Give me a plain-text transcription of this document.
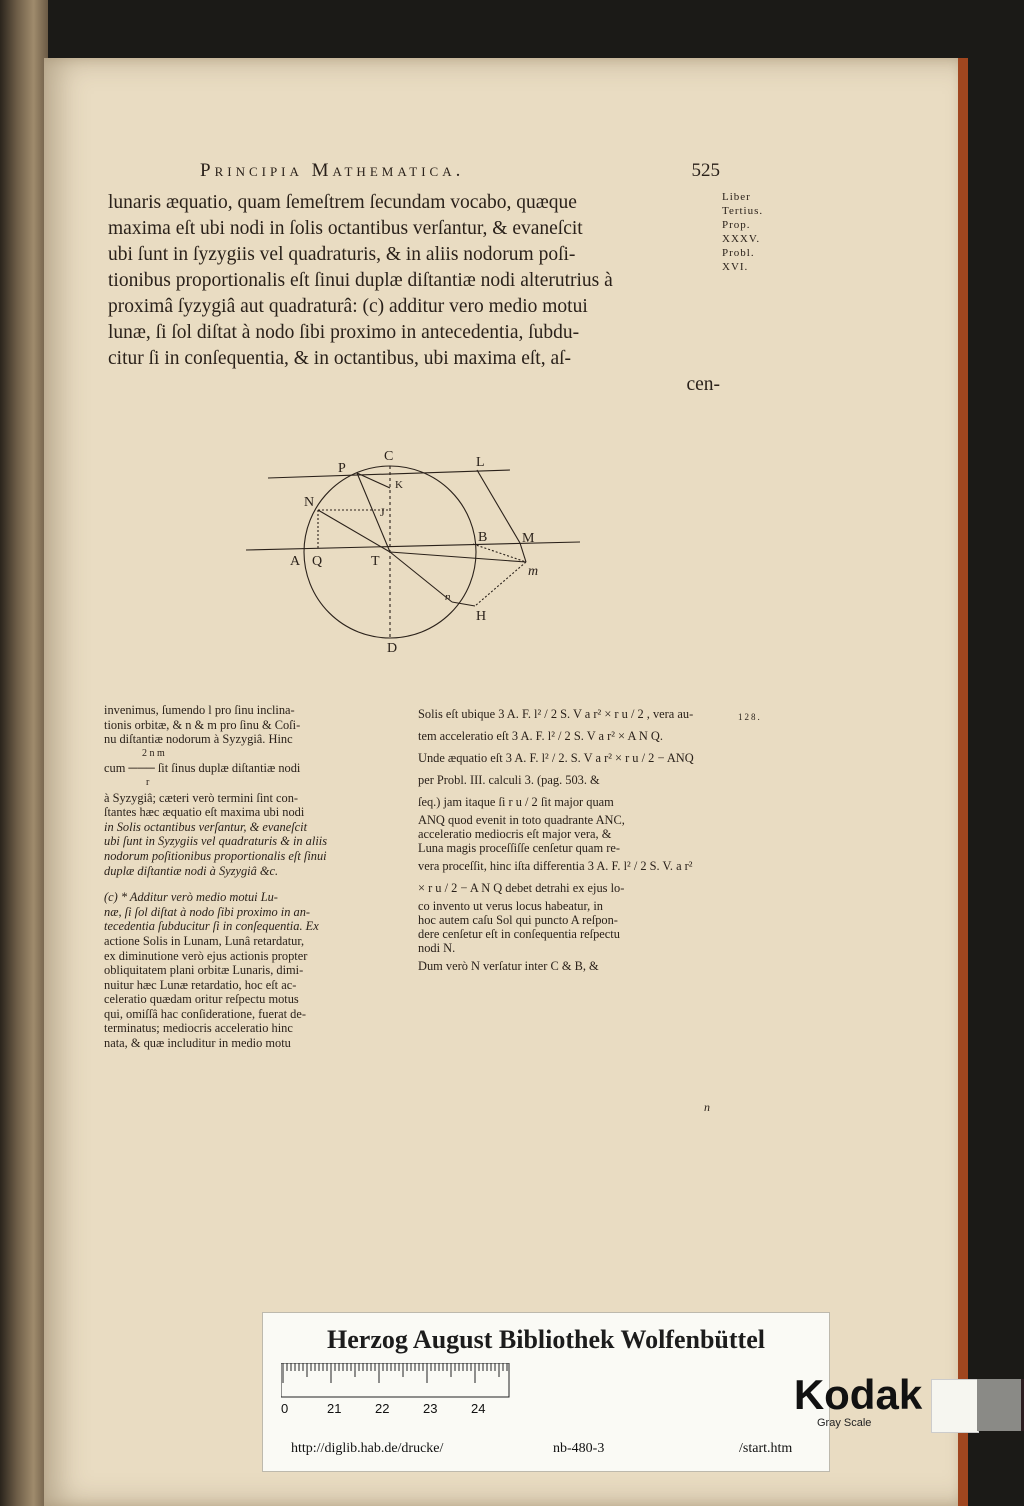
Principia Mathematica.	525
lunaris æquatio, quam ſemeſtrem ſecundam vocabo, quæque
maxima eſt ubi nodi in ſolis octantibus verſantur, & evaneſcit
ubi ſunt in ſyzygiis vel quadraturis, & in aliis nodorum poſi-
tionibus proportionalis eſt ſinui duplæ diſtantiæ nodi alterutrius à
proximâ ſyzygiâ aut quadraturâ: (c) additur vero medio motui
lunæ, ſi ſol diſtat à nodo ſibi proximo in antecedentia, ſubdu-
citur ſi in conſequentia, & in octantibus, ubi maxima eſt, aſ-
cen-
Liber
Tertius.
Prop.
XXXV.
Probl.
XVI.
C	L
P
K
N
J
B M
A Q	T
m
n
H
D
invenimus, ſumendo l pro ſinu inclina-
tionis orbitæ, & n & m pro ſinu & Coſi-
nu diſtantiæ nodorum à Syzygiâ. Hinc
2 n m
cum ─── ſit ſinus duplæ diſtantiæ nodi
r
à Syzygiâ; cæteri verò termini ſint con-
ſtantes hæc æquatio eſt maxima ubi nodi
in Solis octantibus verſantur, & evaneſcit
ubi ſunt in Syzygiis vel quadraturis & in aliis
nodorum poſitionibus proportionalis eſt ſinui
duplæ diſtantiæ nodi à Syzygiâ &c.
(c) * Additur verò medio motui Lu-
næ, ſi ſol diſtat à nodo ſibi proximo in an-
tecedentia ſubducitur ſi in conſequentia. Ex
actione Solis in Lunam, Lunâ retardatur,
ex diminutione verò ejus actionis propter
obliquitatem plani orbitæ Lunaris, dimi-
nuitur hæc Lunæ retardatio, hoc eſt ac-
celeratio quædam oritur reſpectu motus
qui, omiſſâ hac conſideratione, fuerat de-
terminatus; mediocris acceleratio hinc
nata, & quæ includitur in medio motu
Solis eſt ubique 3 A. F. l² / 2 S. V a r² × r u / 2 , vera au-
tem acceleratio eſt 3 A. F. l² / 2 S. V a r² × A N Q.
Unde æquatio eſt 3 A. F. l² / 2. S. V a r² × r u / 2 − ANQ
per Probl. III. calculi 3. (pag. 503. &
ſeq.) jam itaque ſi r u / 2 ſit major quam
ANQ quod evenit in toto quadrante ANC,
acceleratio mediocris eſt major vera, &
Luna magis proceſſiſſe cenſetur quam re-
vera proceſſit, hinc iſta differentia 3 A. F. l² / 2 S. V. a r²
× r u / 2 − A N Q debet detrahi ex ejus lo-
co invento ut verus locus habeatur, in
hoc autem caſu Sol qui puncto A reſpon-
dere cenſetur eſt in conſequentia reſpectu
nodi N.
Dum verò N verſatur inter C & B, &
128.
n
Herzog August Bibliothek Wolfenbüttel
0	21	22	23	24	Kodak
Gray Scale
http://diglib.hab.de/drucke/	nb-480-3	/start.htm
